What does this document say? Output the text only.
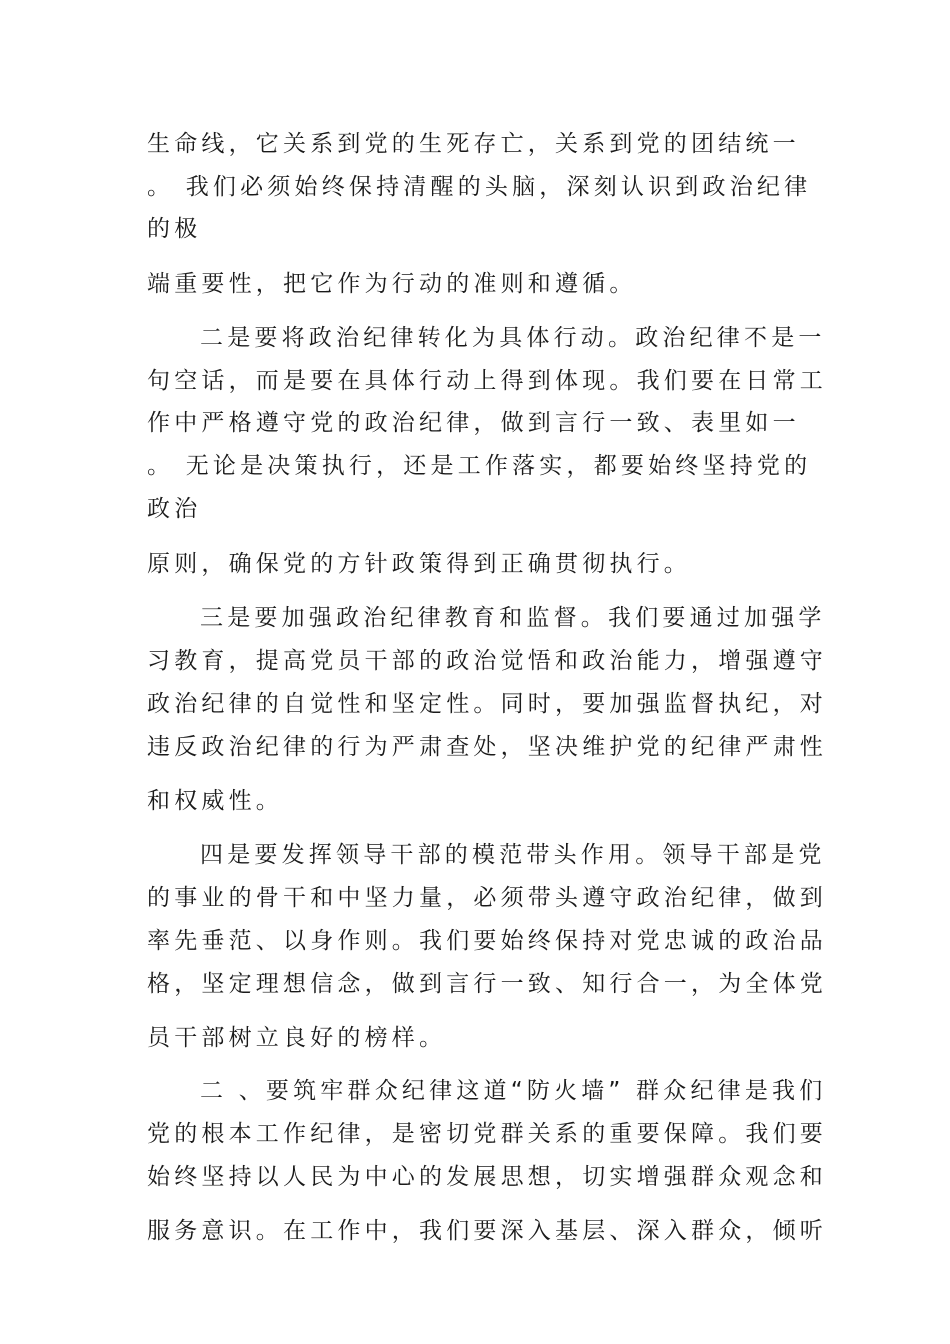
生命线，它关系到党的生死存亡，关系到党的团结统一
。 我们必须始终保持清醒的头脑，深刻认识到政治纪律
的极
端重要性，把它作为行动的准则和遵循。
二是要将政治纪律转化为具体行动。政治纪律不是一
句空话，而是要在具体行动上得到体现。我们要在日常工
作中严格遵守党的政治纪律，做到言行一致、表里如一
。 无论是决策执行，还是工作落实，都要始终坚持党的
政治
原则，确保党的方针政策得到正确贯彻执行。
三是要加强政治纪律教育和监督。我们要通过加强学
习教育，提高党员干部的政治觉悟和政治能力，增强遵守
政治纪律的自觉性和坚定性。同时，要加强监督执纪，对
违反政治纪律的行为严肃查处，坚决维护党的纪律严肃性
和权威性。
四是要发挥领导干部的模范带头作用。领导干部是党
的事业的骨干和中坚力量，必须带头遵守政治纪律，做到
率先垂范、以身作则。我们要始终保持对党忠诚的政治品
格，坚定理想信念，做到言行一致、知行合一，为全体党
员干部树立良好的榜样。
二 、要筑牢群众纪律这道“防火墙” 群众纪律是我们
党的根本工作纪律，是密切党群关系的重要保障。我们要
始终坚持以人民为中心的发展思想，切实增强群众观念和
服务意识。在工作中，我们要深入基层、深入群众，倾听
